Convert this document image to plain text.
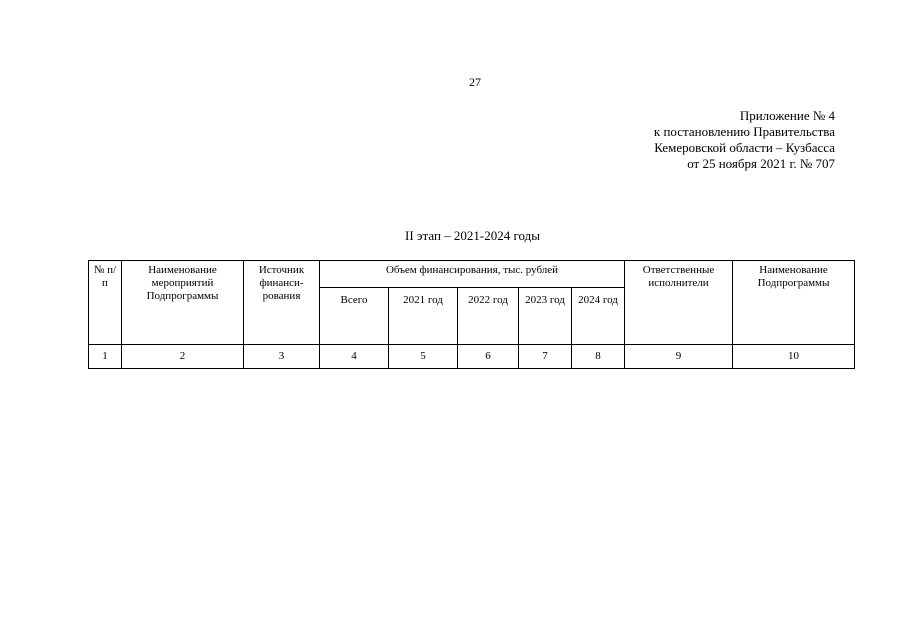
27
Приложение № 4
к постановлению Правительства
Кемеровской области – Кузбасса
от 25 ноября 2021 г. № 707
II этап – 2021-2024 годы
№ п/п	Наименование мероприятий Подпрограммы	Источник финанси-рования	Объем финансирования, тыс. рублей					Ответственные исполнители	Наименование Подпрограммы
			Всего	2021 год	2022 год	2023 год	2024 год		
1	2	3	4	5	6	7	8	9	10
